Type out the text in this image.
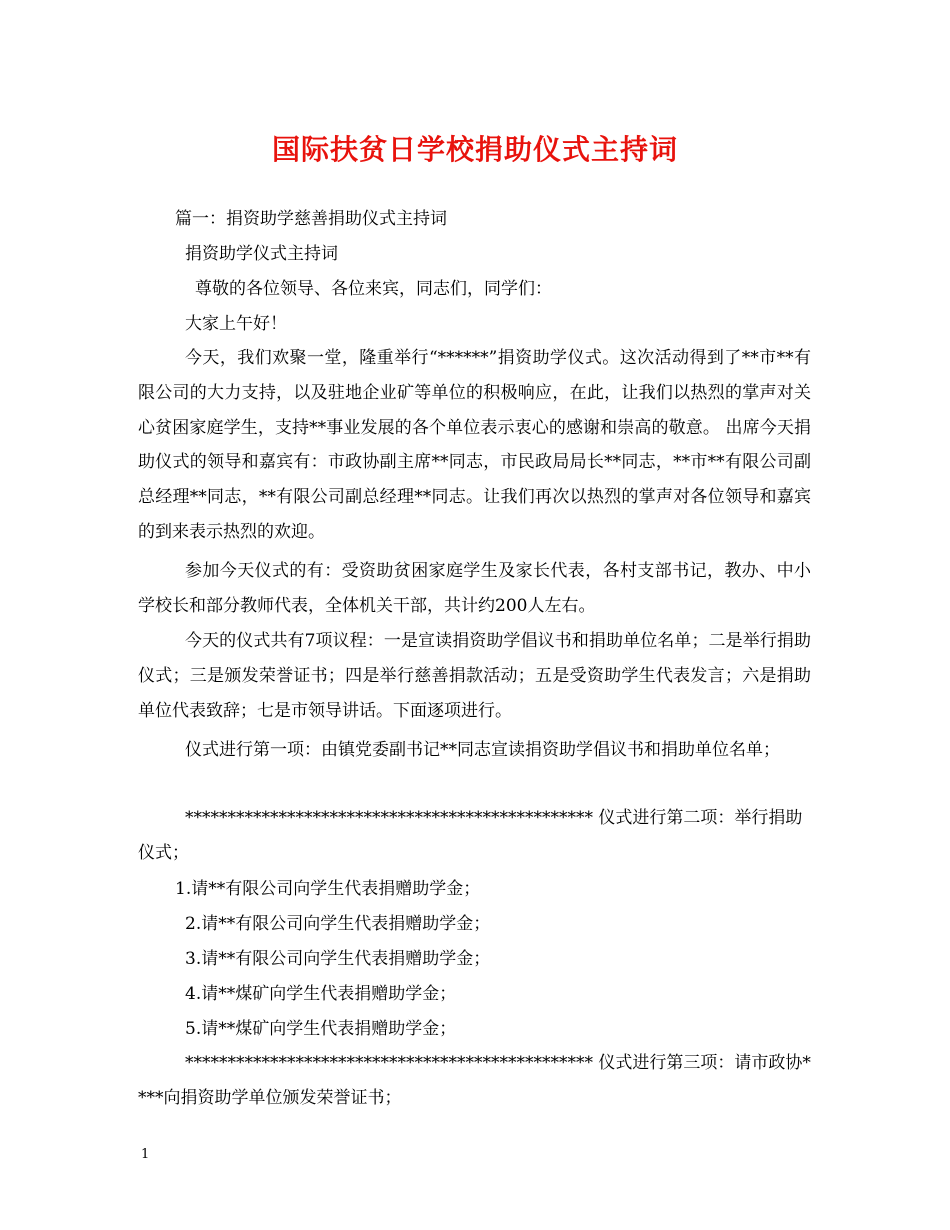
国际扶贫日学校捐助仪式主持词
篇一：捐资助学慈善捐助仪式主持词
捐资助学仪式主持词
尊敬的各位领导、各位来宾，同志们，同学们：
大家上午好！
今天，我们欢聚一堂，隆重举行“******”捐资助学仪式。这次活动得到了**市**有限公司的大力支持，以及驻地企业矿等单位的积极响应，在此，让我们以热烈的掌声对关心贫困家庭学生，支持**事业发展的各个单位表示衷心的感谢和崇高的敬意。 出席今天捐助仪式的领导和嘉宾有：市政协副主席**同志，市民政局局长**同志，**市**有限公司副总经理**同志，**有限公司副总经理**同志。让我们再次以热烈的掌声对各位领导和嘉宾的到来表示热烈的欢迎。
参加今天仪式的有：受资助贫困家庭学生及家长代表，各村支部书记，教办、中小学校长和部分教师代表，全体机关干部，共计约200人左右。
今天的仪式共有7项议程：一是宣读捐资助学倡议书和捐助单位名单；二是举行捐助仪式；三是颁发荣誉证书；四是举行慈善捐款活动；五是受资助学生代表发言；六是捐助单位代表致辞；七是市领导讲话。下面逐项进行。
仪式进行第一项：由镇党委副书记**同志宣读捐资助学倡议书和捐助单位名单；
************************************************ 仪式进行第二项：举行捐助仪式；
1.请**有限公司向学生代表捐赠助学金；
2.请**有限公司向学生代表捐赠助学金；
3.请**有限公司向学生代表捐赠助学金；
4.请**煤矿向学生代表捐赠助学金；
5.请**煤矿向学生代表捐赠助学金；
************************************************ 仪式进行第三项：请市政协****向捐资助学单位颁发荣誉证书；
1
